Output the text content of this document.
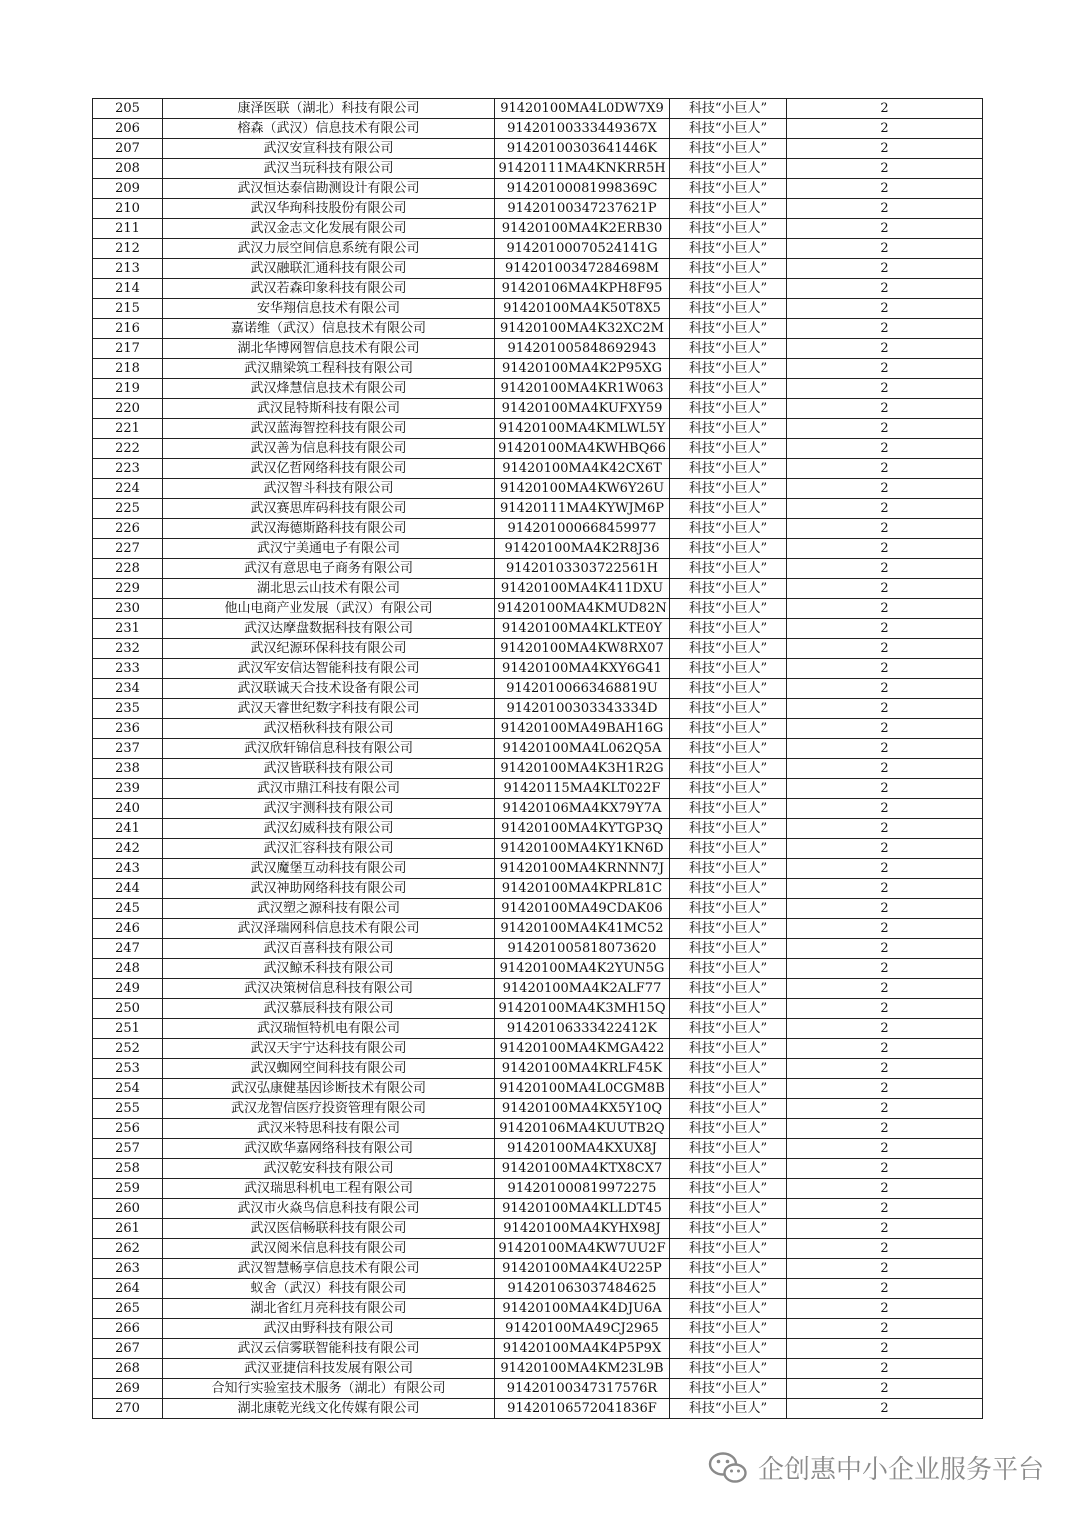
205	康泽医联（湖北）科技有限公司	91420100MA4L0DW7X9	科技“小巨人”	2
206	榕森（武汉）信息技术有限公司	91420100333449367X	科技“小巨人”	2
207	武汉安宣科技有限公司	91420100303641446K	科技“小巨人”	2
208	武汉当玩科技有限公司	91420111MA4KNKRR5H	科技“小巨人”	2
209	武汉恒达泰信勘测设计有限公司	91420100081998369C	科技“小巨人”	2
210	武汉华珣科技股份有限公司	91420100347237621P	科技“小巨人”	2
211	武汉金志文化发展有限公司	91420100MA4K2ERB30	科技“小巨人”	2
212	武汉力辰空间信息系统有限公司	91420100070524141G	科技“小巨人”	2
213	武汉融联汇通科技有限公司	91420100347284698M	科技“小巨人”	2
214	武汉若森印象科技有限公司	91420106MA4KPH8F95	科技“小巨人”	2
215	安华翔信息技术有限公司	91420100MA4K50T8X5	科技“小巨人”	2
216	嘉诺维（武汉）信息技术有限公司	91420100MA4K32XC2M	科技“小巨人”	2
217	湖北华博网智信息技术有限公司	914201005848692943	科技“小巨人”	2
218	武汉鼎梁筑工程科技有限公司	91420100MA4K2P95XG	科技“小巨人”	2
219	武汉烽慧信息技术有限公司	91420100MA4KR1W063	科技“小巨人”	2
220	武汉昆特斯科技有限公司	91420100MA4KUFXY59	科技“小巨人”	2
221	武汉蓝海智控科技有限公司	91420100MA4KMLWL5Y	科技“小巨人”	2
222	武汉善为信息科技有限公司	91420100MA4KWHBQ66	科技“小巨人”	2
223	武汉亿哲网络科技有限公司	91420100MA4K42CX6T	科技“小巨人”	2
224	武汉智斗科技有限公司	91420100MA4KW6Y26U	科技“小巨人”	2
225	武汉赛思库码科技有限公司	91420111MA4KYWJM6P	科技“小巨人”	2
226	武汉海德斯路科技有限公司	914201000668459977	科技“小巨人”	2
227	武汉宁美通电子有限公司	91420100MA4K2R8J36	科技“小巨人”	2
228	武汉有意思电子商务有限公司	91420103303722561H	科技“小巨人”	2
229	湖北思云山技术有限公司	91420100MA4K411DXU	科技“小巨人”	2
230	他山电商产业发展（武汉）有限公司	91420100MA4KMUD82N	科技“小巨人”	2
231	武汉达摩盘数据科技有限公司	91420100MA4KLKTE0Y	科技“小巨人”	2
232	武汉纪源环保科技有限公司	91420100MA4KW8RX07	科技“小巨人”	2
233	武汉军安信达智能科技有限公司	91420100MA4KXY6G41	科技“小巨人”	2
234	武汉联诚天合技术设备有限公司	91420100663468819U	科技“小巨人”	2
235	武汉天睿世纪数字科技有限公司	91420100303343334D	科技“小巨人”	2
236	武汉梧秋科技有限公司	91420100MA49BAH16G	科技“小巨人”	2
237	武汉欣轩锦信息科技有限公司	91420100MA4L062Q5A	科技“小巨人”	2
238	武汉皆联科技有限公司	91420100MA4K3H1R2G	科技“小巨人”	2
239	武汉市鼎江科技有限公司	91420115MA4KLT022F	科技“小巨人”	2
240	武汉宇测科技有限公司	91420106MA4KX79Y7A	科技“小巨人”	2
241	武汉幻威科技有限公司	91420100MA4KYTGP3Q	科技“小巨人”	2
242	武汉汇容科技有限公司	91420100MA4KY1KN6D	科技“小巨人”	2
243	武汉魔堡互动科技有限公司	91420100MA4KRNNN7J	科技“小巨人”	2
244	武汉神助网络科技有限公司	91420100MA4KPRL81C	科技“小巨人”	2
245	武汉塑之源科技有限公司	91420100MA49CDAK06	科技“小巨人”	2
246	武汉泽瑞网科信息技术有限公司	91420100MA4K41MC52	科技“小巨人”	2
247	武汉百喜科技有限公司	914201005818073620	科技“小巨人”	2
248	武汉鲸禾科技有限公司	91420100MA4K2YUN5G	科技“小巨人”	2
249	武汉决策树信息科技有限公司	91420100MA4K2ALF77	科技“小巨人”	2
250	武汉慕辰科技有限公司	91420100MA4K3MH15Q	科技“小巨人”	2
251	武汉瑞恒特机电有限公司	91420106333422412K	科技“小巨人”	2
252	武汉天宇宁达科技有限公司	91420100MA4KMGA422	科技“小巨人”	2
253	武汉蜘网空间科技有限公司	91420100MA4KRLF45K	科技“小巨人”	2
254	武汉弘康健基因诊断技术有限公司	91420100MA4L0CGM8B	科技“小巨人”	2
255	武汉龙智信医疗投资管理有限公司	91420100MA4KX5Y10Q	科技“小巨人”	2
256	武汉米特思科技有限公司	91420106MA4KUUTB2Q	科技“小巨人”	2
257	武汉欧华嘉网络科技有限公司	91420100MA4KXUX8J	科技“小巨人”	2
258	武汉乾安科技有限公司	91420100MA4KTX8CX7	科技“小巨人”	2
259	武汉瑞思科机电工程有限公司	914201000819972275	科技“小巨人”	2
260	武汉市火焱鸟信息科技有限公司	91420100MA4KLLDT45	科技“小巨人”	2
261	武汉医信畅联科技有限公司	91420100MA4KYHX98J	科技“小巨人”	2
262	武汉阅米信息科技有限公司	91420100MA4KW7UU2F	科技“小巨人”	2
263	武汉智慧畅享信息技术有限公司	91420100MA4K4U225P	科技“小巨人”	2
264	蚁舍（武汉）科技有限公司	914201063037484625	科技“小巨人”	2
265	湖北省红月亮科技有限公司	91420100MA4K4DJU6A	科技“小巨人”	2
266	武汉由野科技有限公司	91420100MA49CJ2965	科技“小巨人”	2
267	武汉云信雾联智能科技有限公司	91420100MA4K4P5P9X	科技“小巨人”	2
268	武汉亚捷信科技发展有限公司	91420100MA4KM23L9B	科技“小巨人”	2
269	合知行实验室技术服务（湖北）有限公司	91420100347317576R	科技“小巨人”	2
270	湖北康乾光线文化传媒有限公司	91420106572041836F	科技“小巨人”	2
企创惠中小企业服务平台
